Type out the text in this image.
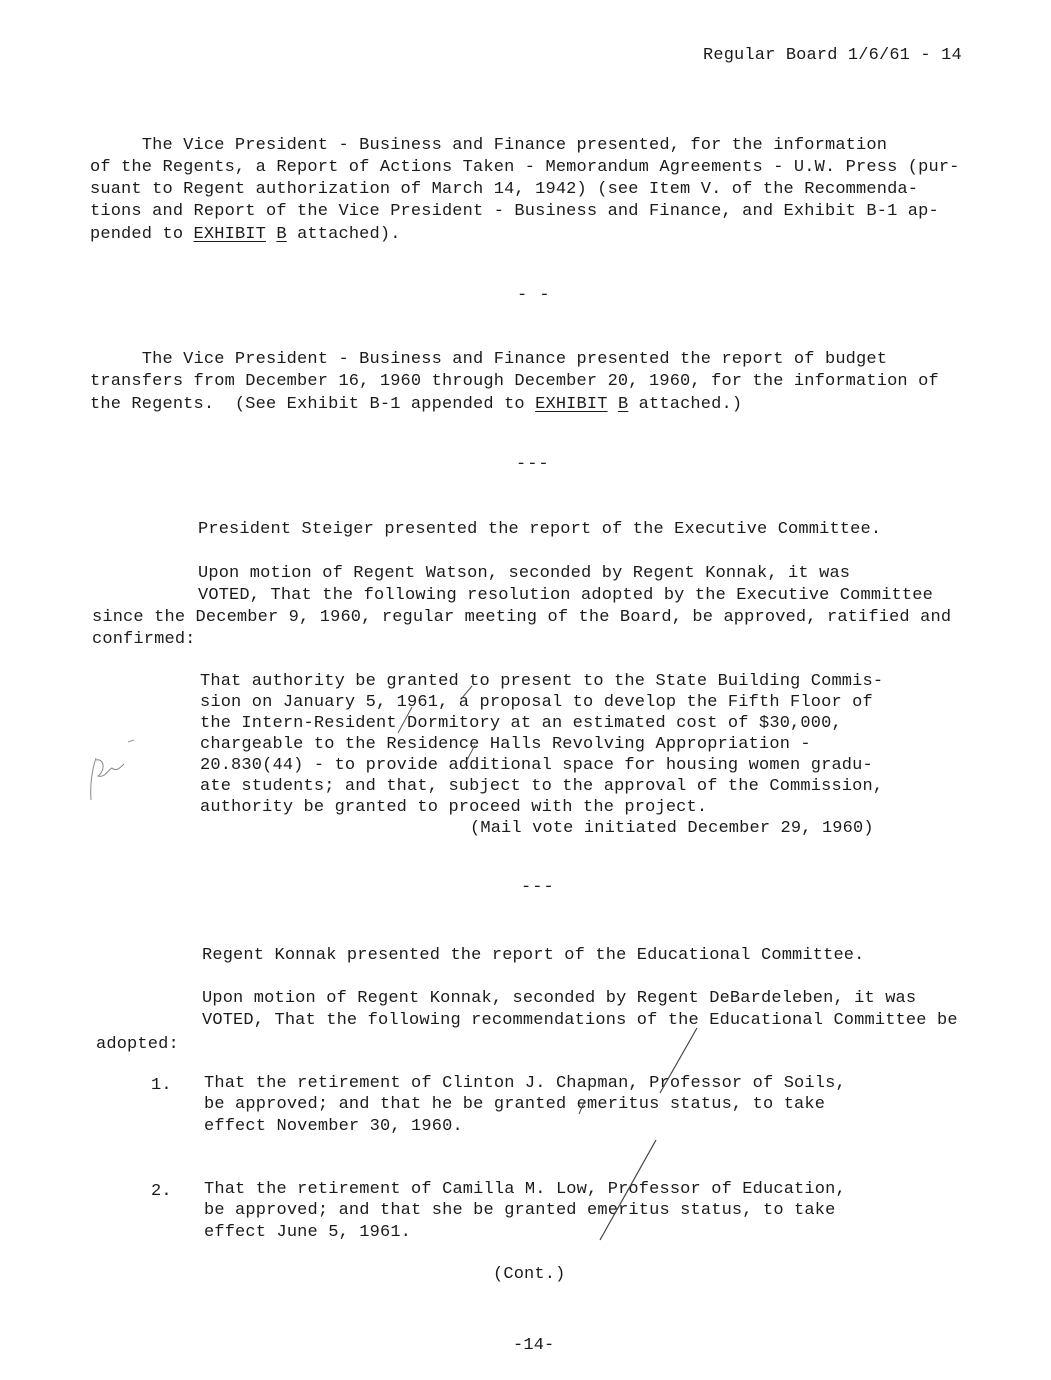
Regular Board 1/6/61 - 14
The Vice President - Business and Finance presented, for the information
of the Regents, a Report of Actions Taken - Memorandum Agreements - U.W. Press (pur-
suant to Regent authorization of March 14, 1942) (see Item V. of the Recommenda-
tions and Report of the Vice President - Business and Finance, and Exhibit B-1 ap-
pended to EXHIBIT B attached).
- -
The Vice President - Business and Finance presented the report of budget
transfers from December 16, 1960 through December 20, 1960, for the information of
the Regents.  (See Exhibit B-1 appended to EXHIBIT B attached.)
---
President Steiger presented the report of the Executive Committee.
Upon motion of Regent Watson, seconded by Regent Konnak, it was
VOTED, That the following resolution adopted by the Executive Committee
since the December 9, 1960, regular meeting of the Board, be approved, ratified and
confirmed:
That authority be granted to present to the State Building Commis-
sion on January 5, 1961, a proposal to develop the Fifth Floor of
the Intern-Resident Dormitory at an estimated cost of $30,000,
chargeable to the Residence Halls Revolving Appropriation -
20.830(44) - to provide additional space for housing women gradu-
ate students; and that, subject to the approval of the Commission,
authority be granted to proceed with the project.
(Mail vote initiated December 29, 1960)
---
Regent Konnak presented the report of the Educational Committee.
Upon motion of Regent Konnak, seconded by Regent DeBardeleben, it was
VOTED, That the following recommendations of the Educational Committee be
adopted:
1. That the retirement of Clinton J. Chapman, Professor of Soils,
be approved; and that he be granted emeritus status, to take
effect November 30, 1960.
2. That the retirement of Camilla M. Low, Professor of Education,
be approved; and that she be granted emeritus status, to take
effect June 5, 1961.
(Cont.)
-14-
